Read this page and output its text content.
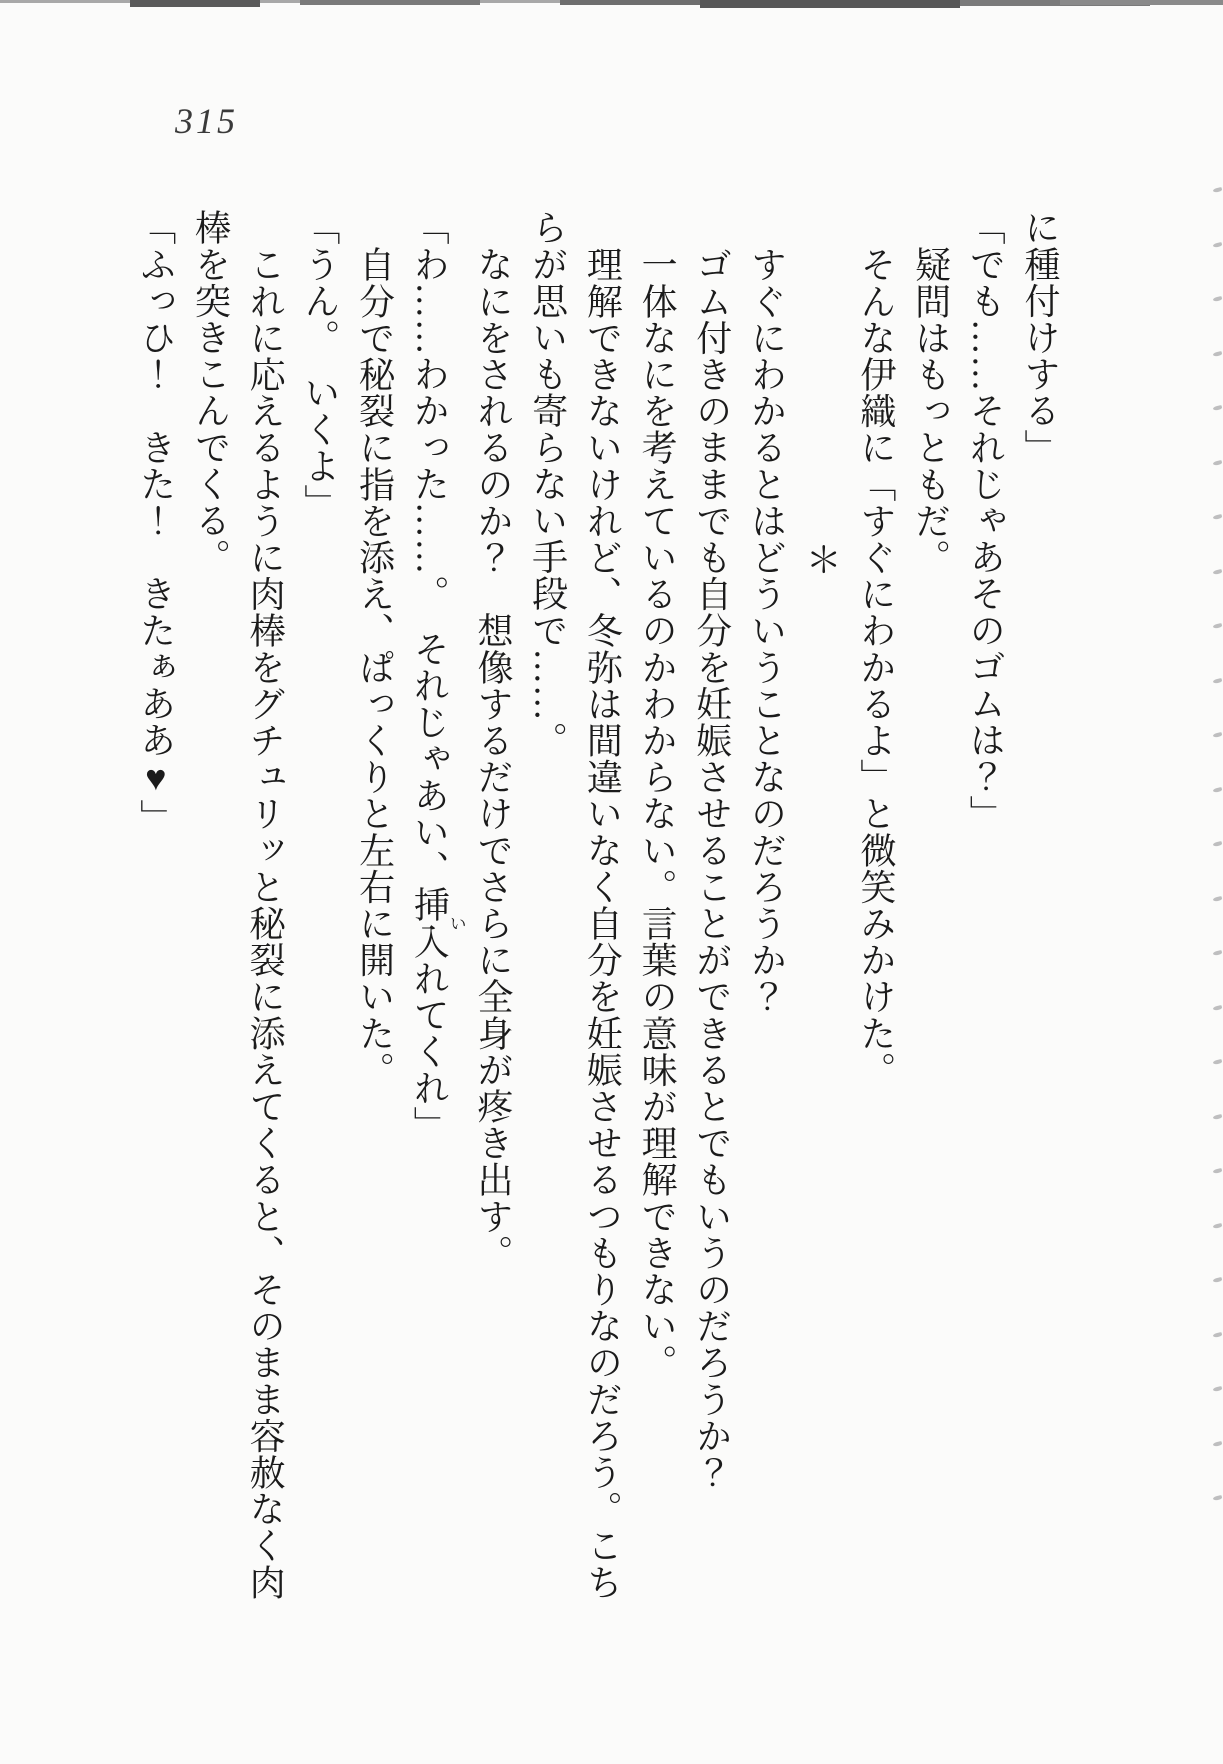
315
に種付けする」
「でも……それじゃあそのゴムは？」
疑問はもっともだ。
そんな伊織に「すぐにわかるよ」と微笑みかけた。
＊
すぐにわかるとはどういうことなのだろうか？
ゴム付きのままでも自分を妊娠させることができるとでもいうのだろうか？
一体なにを考えているのかわからない。言葉の意味が理解できない。
理解できないけれど、冬弥は間違いなく自分を妊娠させるつもりなのだろう。こち
らが思いも寄らない手段で……。
なにをされるのか？　想像するだけでさらに全身が疼き出す。
「わ……わかった……。　それじゃあい、挿入いれてくれ」
自分で秘裂に指を添え、ぱっくりと左右に開いた。
「うん。　いくよ」
これに応えるように肉棒をグチュリッと秘裂に添えてくると、そのまま容赦なく肉
棒を突きこんでくる。
「ふっひ！　きた！　きたぁああ♥」
